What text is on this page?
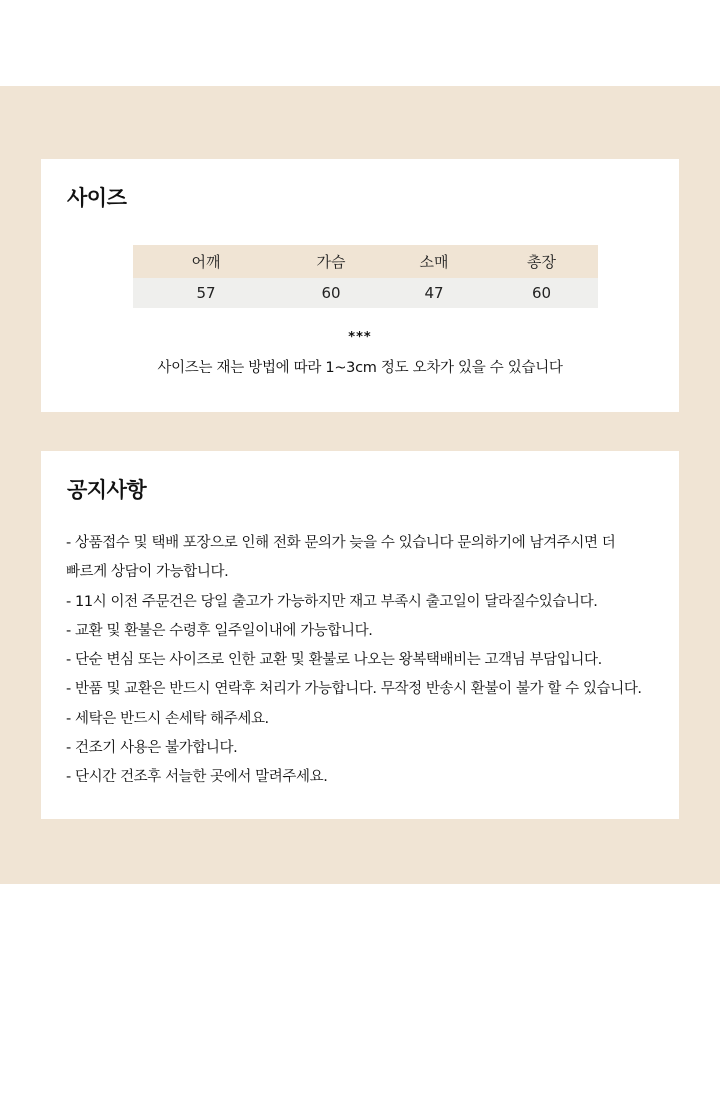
사이즈
어깨	가슴	소매	총장
57	60	47	60
***
사이즈는 재는 방법에 따라 1~3cm 정도 오차가 있을 수 있습니다
공지사항
- 상품접수 및 택배 포장으로 인해 전화 문의가 늦을 수 있습니다 문의하기에 남겨주시면 더
빠르게 상담이 가능합니다.
- 11시 이전 주문건은 당일 출고가 가능하지만 재고 부족시 출고일이 달라질수있습니다.
- 교환 및 환불은 수령후 일주일이내에 가능합니다.
- 단순 변심 또는 사이즈로 인한 교환 및 환불로 나오는 왕복택배비는 고객님 부담입니다.
- 반품 및 교환은 반드시 연락후 처리가 가능합니다. 무작정 반송시 환불이 불가 할 수 있습니다.
- 세탁은 반드시 손세탁 해주세요.
- 건조기 사용은 불가합니다.
- 단시간 건조후 서늘한 곳에서 말려주세요.
